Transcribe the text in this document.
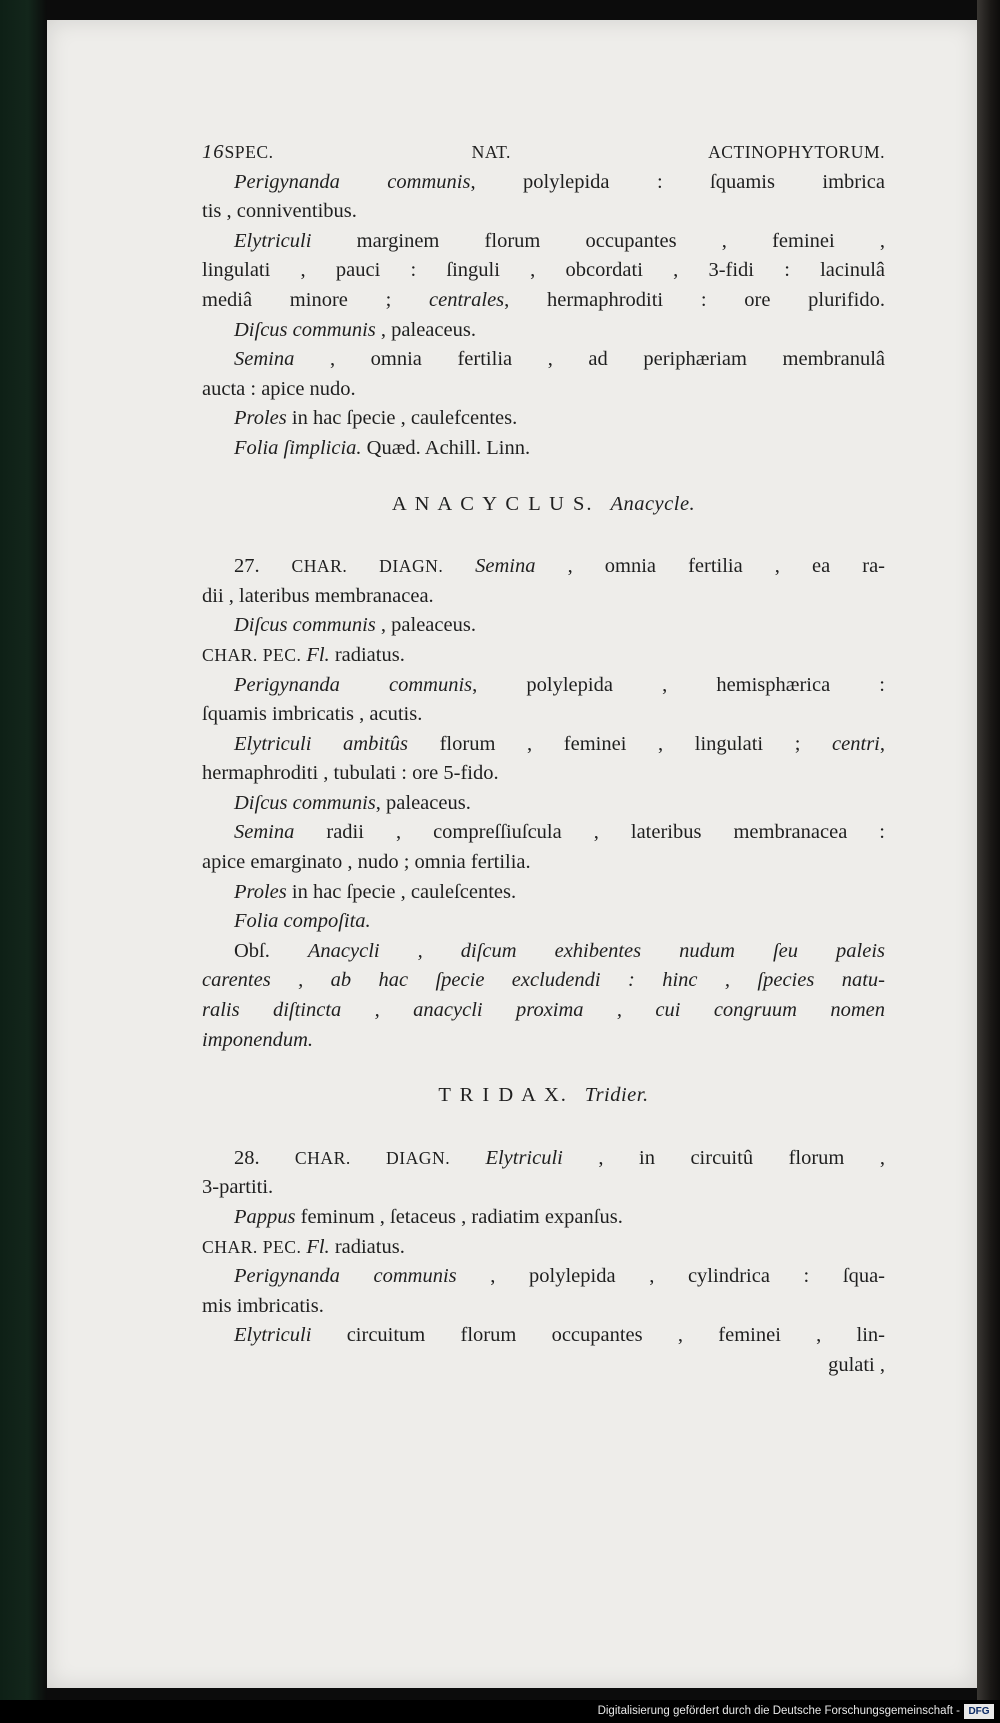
16SPEC. NAT. ACTINOPHYTORUM.
Perigynanda communis, polylepida : ſquamis imbrica
tis , conniventibus.
Elytriculi marginem florum occupantes , feminei ,
lingulati , pauci : ſinguli , obcordati , 3-fidi : lacinulâ
mediâ minore ; centrales, hermaphroditi : ore plurifido.
Diſcus communis , paleaceus.
Semina , omnia fertilia , ad periphæriam membranulâ
aucta : apice nudo.
Proles in hac ſpecie , caulefcentes.
Folia ſimplicia. Quæd. Achill. Linn.
A N A C Y C L U S. Anacycle.
27. CHAR. DIAGN. Semina , omnia fertilia , ea ra-
dii , lateribus membranacea.
Diſcus communis , paleaceus.
CHAR. PEC. Fl. radiatus.
Perigynanda communis, polylepida , hemisphærica :
ſquamis imbricatis , acutis.
Elytriculi ambitûs florum , feminei , lingulati ; centri,
hermaphroditi , tubulati : ore 5-fido.
Diſcus communis, paleaceus.
Semina radii , compreſſiuſcula , lateribus membranacea :
apice emarginato , nudo ; omnia fertilia.
Proles in hac ſpecie , cauleſcentes.
Folia compoſita.
Obſ. Anacycli , diſcum exhibentes nudum ſeu paleis
carentes , ab hac ſpecie excludendi : hinc , ſpecies natu-
ralis diſtincta , anacycli proxima , cui congruum nomen
imponendum.
T R I D A X. Tridier.
28. CHAR. DIAGN. Elytriculi , in circuitû florum ,
3-partiti.
Pappus feminum , ſetaceus , radiatim expanſus.
CHAR. PEC. Fl. radiatus.
Perigynanda communis , polylepida , cylindrica : ſqua-
mis imbricatis.
Elytriculi circuitum florum occupantes , feminei , lin-
gulati ,
Digitalisierung gefördert durch die Deutsche Forschungsgemeinschaft - DFG
